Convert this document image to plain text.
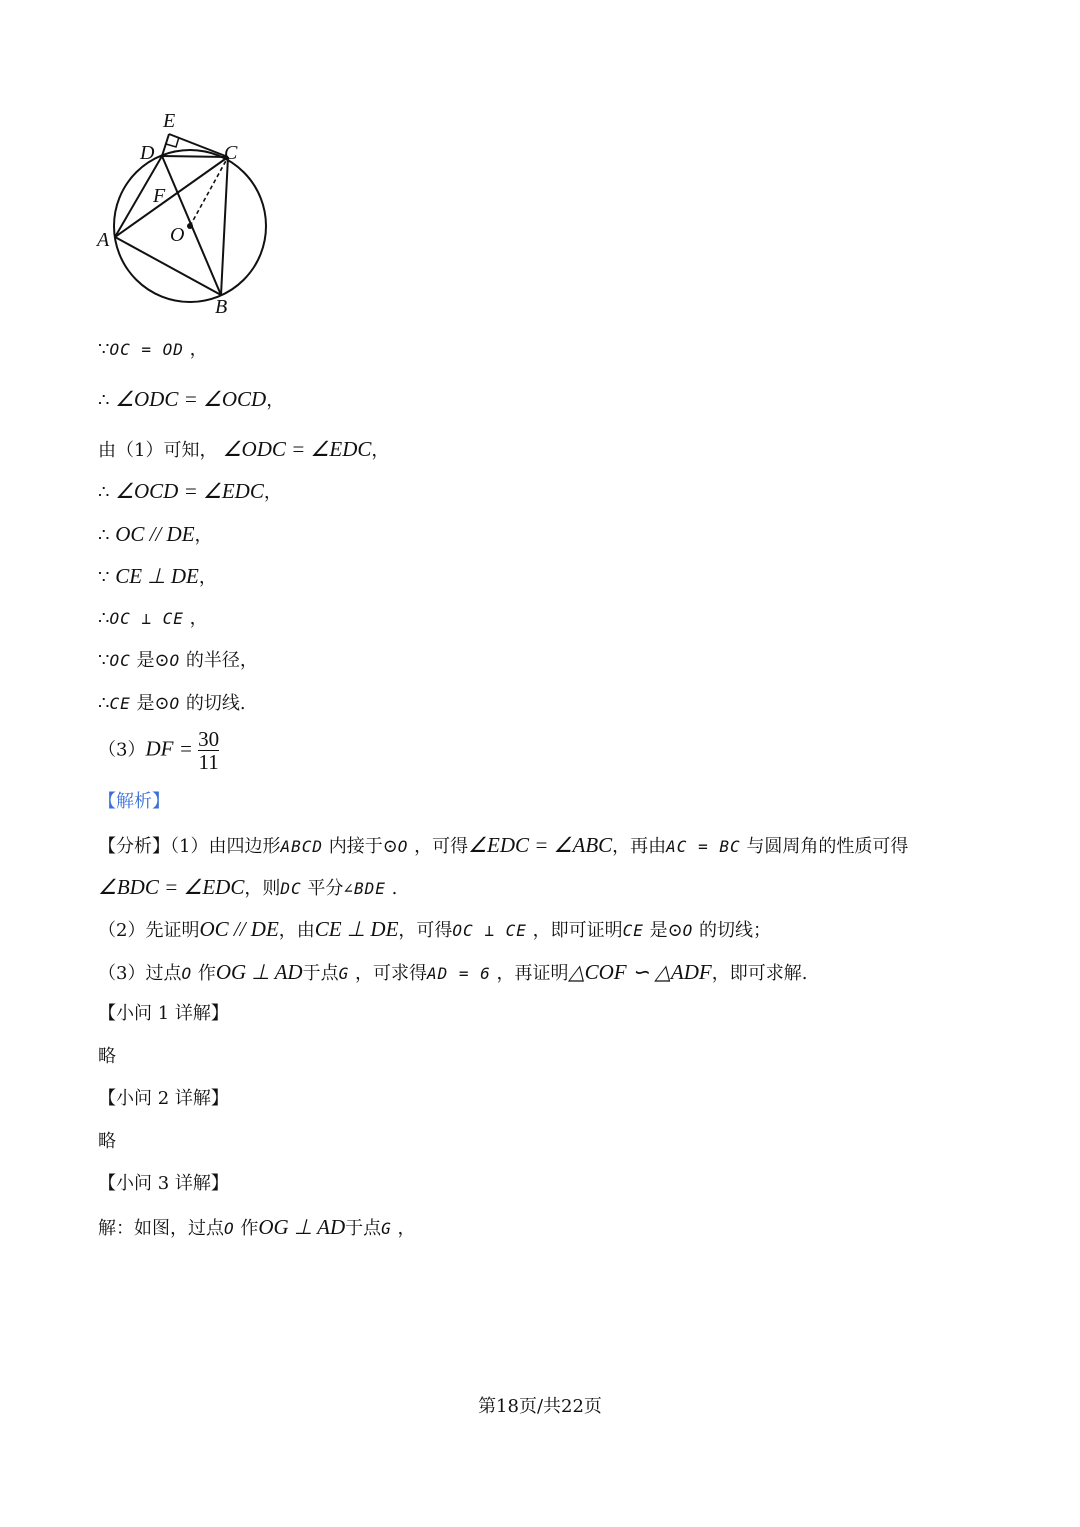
E
D	C
F
O
A
B
∵OC = OD ，
∴ ∠ODC = ∠OCD，
由（1）可知， ∠ODC = ∠EDC，
∴ ∠OCD = ∠EDC，
∴ OC // DE，
∵ CE ⊥ DE，
∴OC ⊥ CE ，
∵OC 是⊙O 的半径，
∴CE 是⊙O 的切线.
$(3)DF = \frac{30}{11}$
【解析】
【分析】（1）由四边形ABCD 内接于⊙O ，可得∠EDC = ∠ABC，再由AC = BC 与圆周角的性质可得
∠BDC = ∠EDC，则DC 平分∠BDE .
（2）先证明OC // DE，由CE ⊥ DE，可得OC ⊥ CE ，即可证明CE 是⊙O 的切线；
（3）过点O 作OG ⊥ AD于点G ，可求得AD = 6 ，再证明△COF ∽ △ADF，即可求解.
【小问 1 详解】
略
【小问 2 详解】
略
【小问 3 详解】
解：如图，过点O 作OG ⊥ AD于点G ，
第18页/共22页
